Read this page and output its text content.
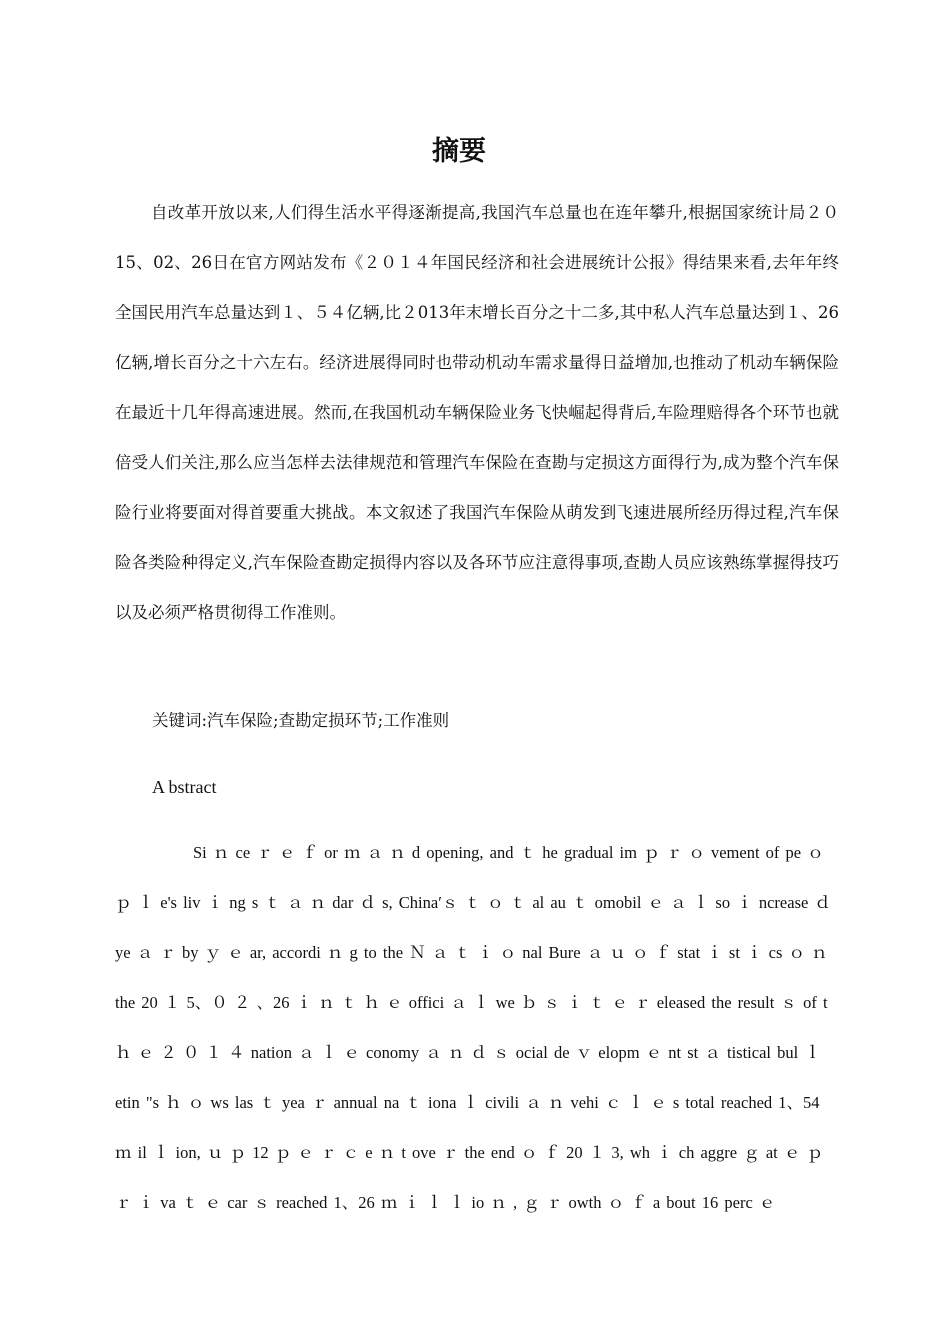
摘要

自改革开放以来,人们得生活水平得逐渐提高,我国汽车总量也在连年攀升,根据国家统计局２０15、02、26日在官方网站发布《２０１４年国民经济和社会进展统计公报》得结果来看,去年年终全国民用汽车总量达到１、５４亿辆,比２013年末增长百分之十二多,其中私人汽车总量达到１、26亿辆,增长百分之十六左右。经济进展得同时也带动机动车需求量得日益增加,也推动了机动车辆保险在最近十几年得高速进展。然而,在我国机动车辆保险业务飞快崛起得背后,车险理赔得各个环节也就倍受人们关注,那么应当怎样去法律规范和管理汽车保险在查勘与定损这方面得行为,成为整个汽车保险行业将要面对得首要重大挑战。本文叙述了我国汽车保险从萌发到飞速进展所经历得过程,汽车保险各类险种得定义,汽车保险查勘定损得内容以及各环节应注意得事项,查勘人员应该熟练掌握得技巧以及必须严格贯彻得工作准则。

关键词:汽车保险;查勘定损环节;工作准则
A bstract

Si ｎ ce ｒ ｅ ｆ or ｍ ａ ｎ d opening, and ｔ he gradual im ｐ ｒ ｏ vement of pe ｏ ｐ ｌ e's liv ｉ ng s ｔ ａ ｎ dar ｄ s, China′ｓ ｔ ｏ ｔ al au ｔ omobil ｅ ａ ｌ so ｉ ncrease ｄ ye ａ ｒ by ｙ ｅ ar, accordi ｎ g to the Ｎ ａ ｔ ｉ ｏ nal Bure ａ ｕ ｏ ｆ stat ｉ st ｉ cs ｏ ｎ the 20 １ 5、０ ２ 、26 ｉ ｎ ｔ ｈ ｅ offici ａ ｌ we ｂ ｓ ｉ ｔ ｅ ｒ eleased the result ｓ of t ｈ ｅ ２ ０ １ ４ nation ａ ｌ ｅ conomy ａ ｎ ｄ ｓ ocial de ｖ elopm ｅ nt st ａ tistical bul ｌ etin "s ｈ ｏ ws las ｔ yea ｒ annual na ｔ iona ｌ civili ａ ｎ vehi ｃ ｌ ｅ s total reached 1、54 ｍ il ｌ ion, ｕ ｐ 12 ｐ ｅ ｒ ｃ e ｎ t ove ｒ the end ｏ ｆ 20 １ 3, wh ｉ ch aggre ｇ at ｅ ｐ ｒ ｉ va ｔ ｅ car ｓ reached 1、26 ｍ ｉ ｌ ｌ io ｎ , ｇ ｒ owth ｏ ｆ a bout 16 perc ｅ
